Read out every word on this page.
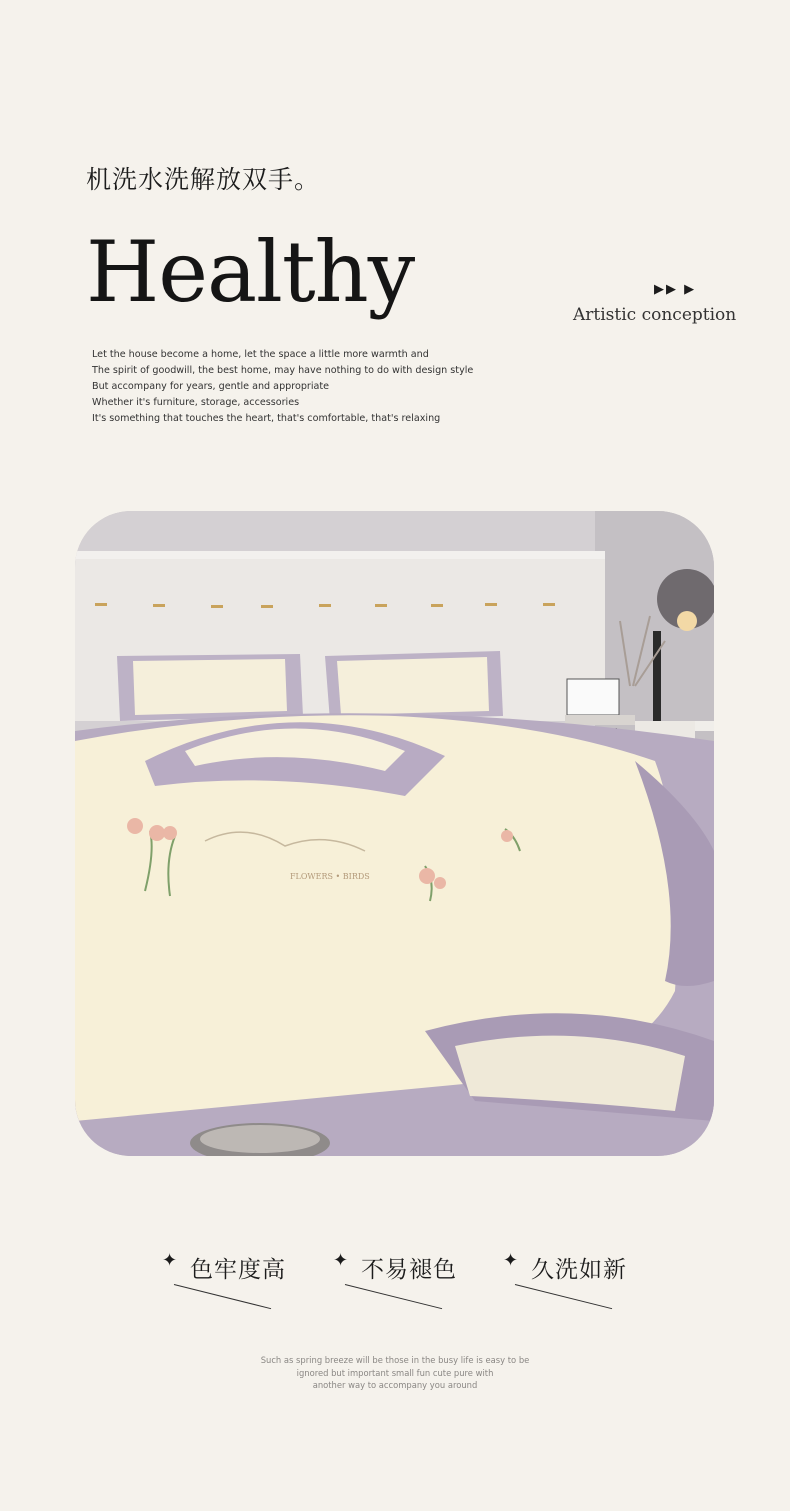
机洗水洗解放双手。
Healthy	▶▶ ▶
Artistic conception
Let the house become a home, let the space a little more warmth and
The spirit of goodwill, the best home, may have nothing to do with design style
But accompany for years, gentle and appropriate
Whether it's furniture, storage, accessories
It's something that touches the heart, that's comfortable, that's relaxing
FLOWERS • BIRDS
✦ 色牢度高	✦ 不易褪色	✦ 久洗如新
Such as spring breeze will be those in the busy life is easy to be
ignored but important small fun cute pure with
another way to accompany you around
